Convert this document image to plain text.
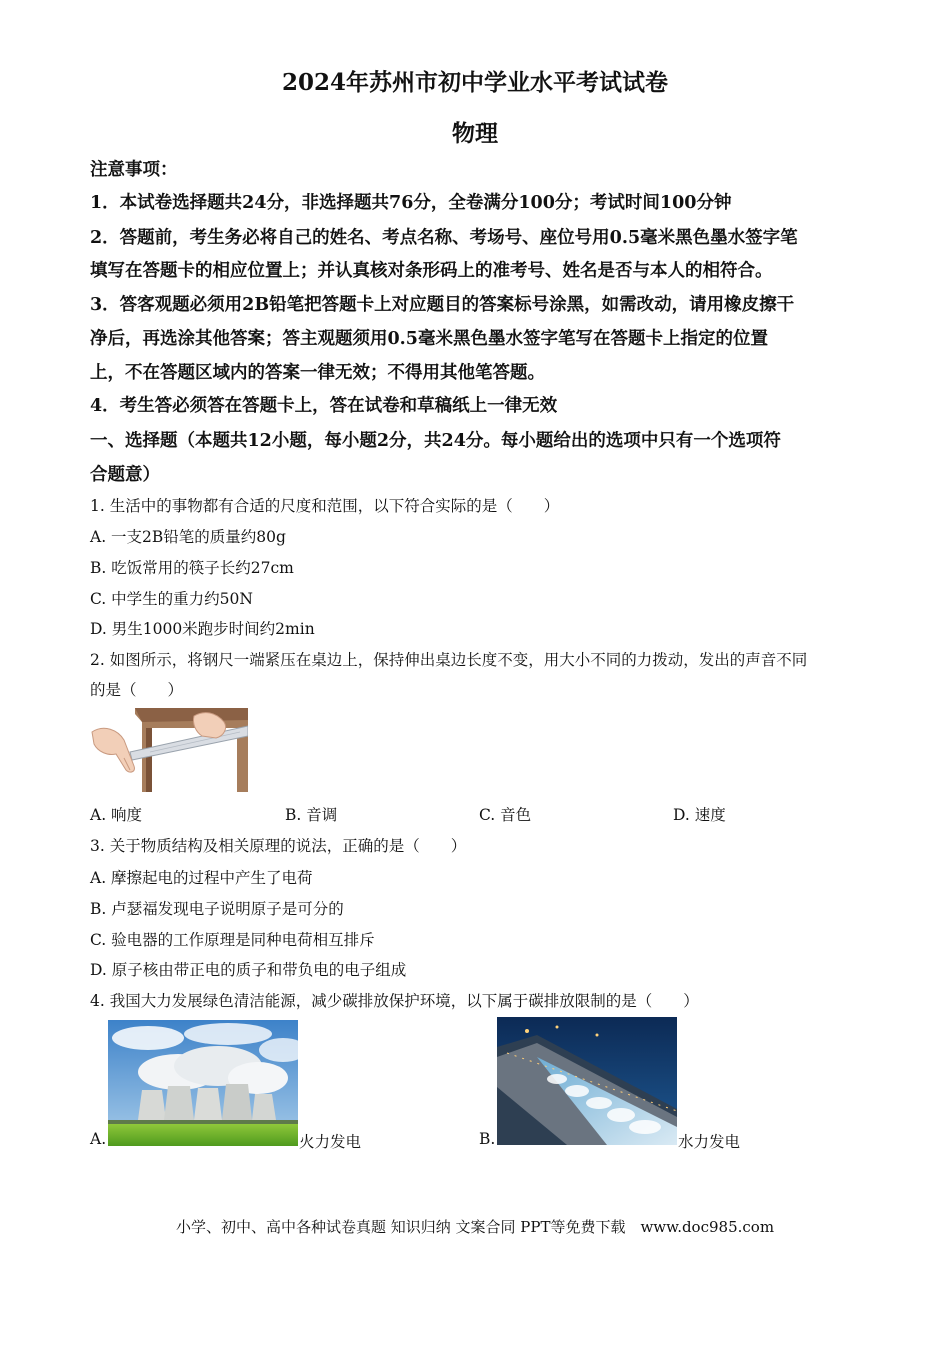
2024年苏州市初中学业水平考试试卷
物理
注意事项：
1．本试卷选择题共24分，非选择题共76分，全卷满分100分；考试时间100分钟
2．答题前，考生务必将自己的姓名、考点名称、考场号、座位号用0.5毫米黑色墨水签字笔
填写在答题卡的相应位置上；并认真核对条形码上的准考号、姓名是否与本人的相符合。
3．答客观题必须用2B铅笔把答题卡上对应题目的答案标号涂黑，如需改动，请用橡皮擦干
净后，再选涂其他答案；答主观题须用0.5毫米黑色墨水签字笔写在答题卡上指定的位置
上，不在答题区域内的答案一律无效；不得用其他笔答题。
4．考生答必须答在答题卡上，答在试卷和草稿纸上一律无效
一、选择题（本题共12小题，每小题2分，共24分。每小题给出的选项中只有一个选项符
合题意）
1. 生活中的事物都有合适的尺度和范围，以下符合实际的是（　　）
A. 一支2B铅笔的质量约80g
B. 吃饭常用的筷子长约27cm
C. 中学生的重力约50N
D. 男生1000米跑步时间约2min
2. 如图所示，将钢尺一端紧压在桌边上，保持伸出桌边长度不变，用大小不同的力拨动，发出的声音不同
的是（　　）
A. 响度	B. 音调	C. 音色	D. 速度
3. 关于物质结构及相关原理的说法，正确的是（　　）
A. 摩擦起电的过程中产生了电荷
B. 卢瑟福发现电子说明原子是可分的
C. 验电器的工作原理是同种电荷相互排斥
D. 原子核由带正电的质子和带负电的电子组成
4. 我国大力发展绿色清洁能源，减少碳排放保护环境，以下属于碳排放限制的是（　　）
A.	火力发电	B.	水力发电
小学、初中、高中各种试卷真题 知识归纳 文案合同 PPT等免费下载　www.doc985.com
